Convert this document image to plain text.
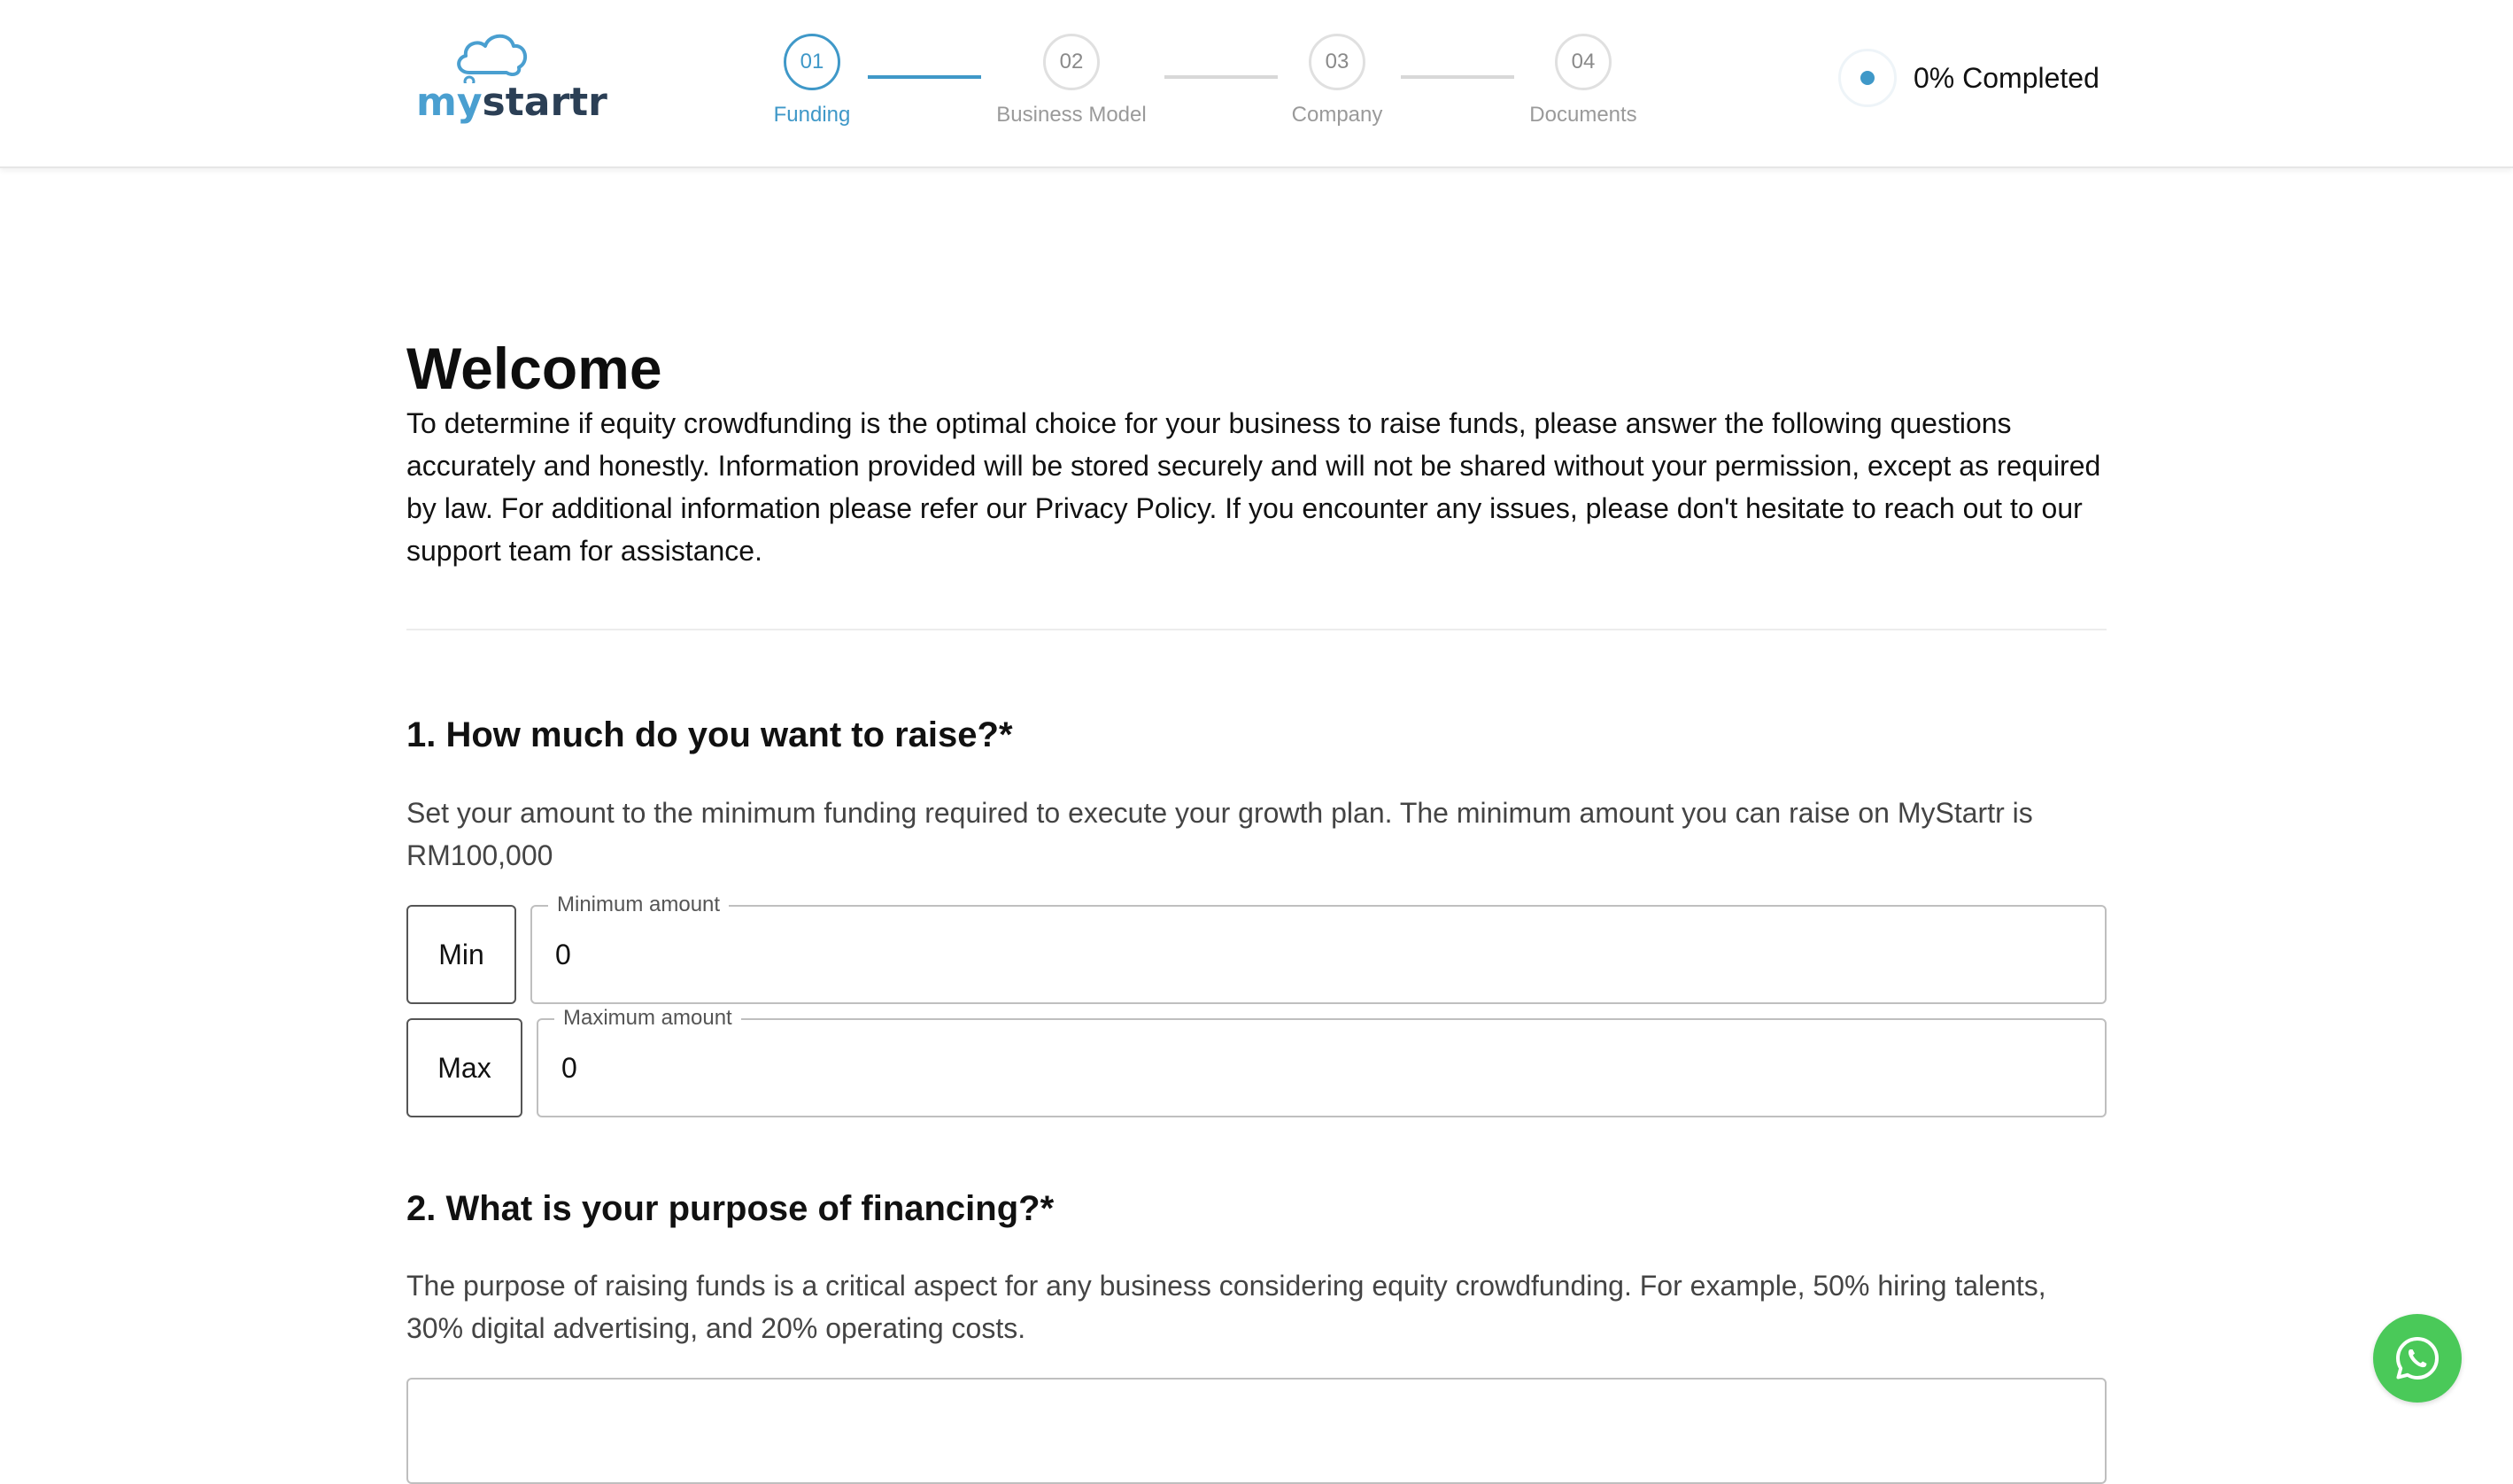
mystartr
01
Funding
02
Business Model
03
Company
04
Documents
0% Completed
Welcome

To determine if equity crowdfunding is the optimal choice for your business to raise funds, please answer the following questions accurately and honestly. Information provided will be stored securely and will not be shared without your permission, except as required by law. For additional information please refer our Privacy Policy. If you encounter any issues, please don't hesitate to reach out to our support team for assistance.

1. How much do you want to raise?*

Set your amount to the minimum funding required to execute your growth plan. The minimum amount you can raise on MyStartr is RM100,000

Min
Minimum amount
0
Max
Maximum amount
0
2. What is your purpose of financing?*

The purpose of raising funds is a critical aspect for any business considering equity crowdfunding. For example, 50% hiring talents, 30% digital advertising, and 20% operating costs.
